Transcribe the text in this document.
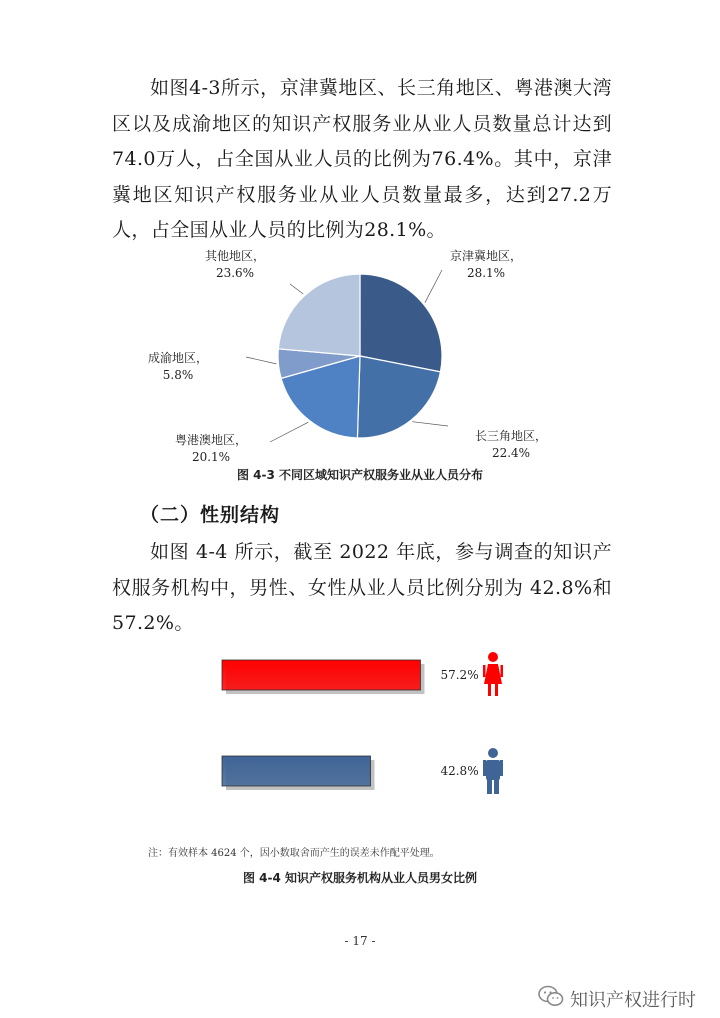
如图4-3所示，京津冀地区、长三角地区、粤港澳大湾区以及成渝地区的知识产权服务业从业人员数量总计达到74.0万人，占全国从业人员的比例为76.4%。其中，京津冀地区知识产权服务业从业人员数量最多，达到27.2万人，占全国从业人员的比例为28.1%。

京津冀地区，
28.1%
长三角地区，
22.4%
粤港澳地区，
20.1%
成渝地区，
5.8%
其他地区，
23.6%
图 4-3 不同区域知识产权服务业从业人员分布
（二）性别结构

如图 4-4 所示，截至 2022 年底，参与调查的知识产权服务机构中，男性、女性从业人员比例分别为 42.8%和 57.2%。

57.2%
42.8%
注：有效样本 4624 个，因小数取舍而产生的误差未作配平处理。
图 4-4 知识产权服务机构从业人员男女比例
- 17 -
知识产权进行时
